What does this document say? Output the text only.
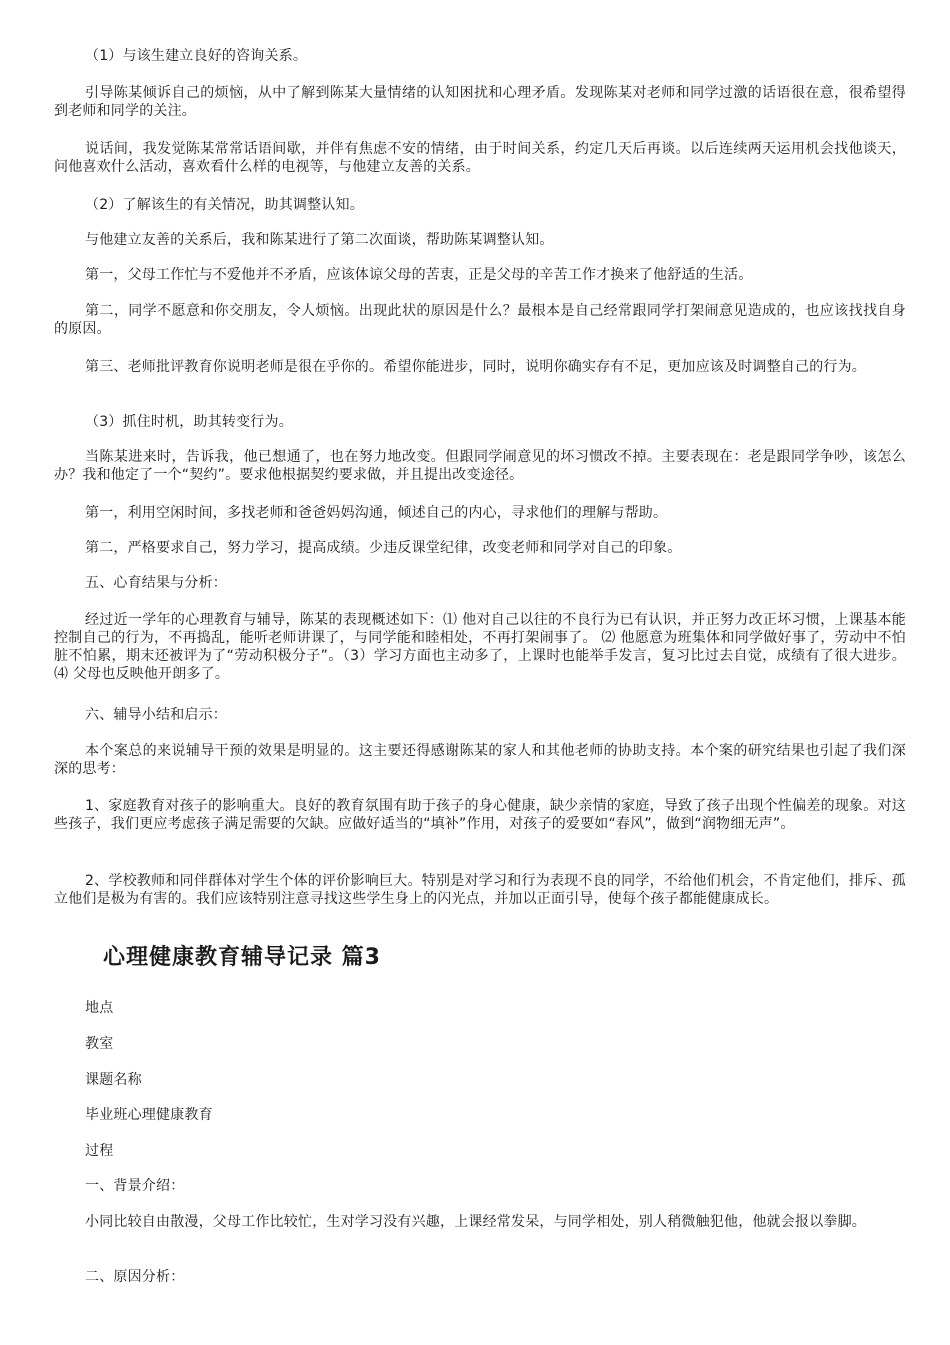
（1）与该生建立良好的咨询关系。

引导陈某倾诉自己的烦恼，从中了解到陈某大量情绪的认知困扰和心理矛盾。发现陈某对老师和同学过激的话语很在意，很希望得到老师和同学的关注。

说话间，我发觉陈某常常话语间歇，并伴有焦虑不安的情绪，由于时间关系，约定几天后再谈。以后连续两天运用机会找他谈天，问他喜欢什么活动，喜欢看什么样的电视等，与他建立友善的关系。

（2）了解该生的有关情况，助其调整认知。

与他建立友善的关系后，我和陈某进行了第二次面谈，帮助陈某调整认知。

第一，父母工作忙与不爱他并不矛盾，应该体谅父母的苦衷，正是父母的辛苦工作才换来了他舒适的生活。

第二，同学不愿意和你交朋友，令人烦恼。出现此状的原因是什么？最根本是自己经常跟同学打架闹意见造成的，也应该找找自身的原因。

第三、老师批评教育你说明老师是很在乎你的。希望你能进步，同时，说明你确实存有不足，更加应该及时调整自己的行为。

（3）抓住时机，助其转变行为。

当陈某进来时，告诉我，他已想通了，也在努力地改变。但跟同学闹意见的坏习惯改不掉。主要表现在：老是跟同学争吵，该怎么办？我和他定了一个“契约”。要求他根据契约要求做，并且提出改变途径。

第一，利用空闲时间，多找老师和爸爸妈妈沟通，倾述自己的内心，寻求他们的理解与帮助。

第二，严格要求自己，努力学习，提高成绩。少违反课堂纪律，改变老师和同学对自己的印象。

五、心育结果与分析：

经过近一学年的心理教育与辅导，陈某的表现概述如下：⑴ 他对自己以往的不良行为已有认识，并正努力改正坏习惯，上课基本能控制自己的行为，不再捣乱，能听老师讲课了，与同学能和睦相处，不再打架闹事了。 ⑵ 他愿意为班集体和同学做好事了，劳动中不怕脏不怕累，期末还被评为了“劳动积极分子”。（3）学习方面也主动多了，上课时也能举手发言，复习比过去自觉，成绩有了很大进步。 ⑷ 父母也反映他开朗多了。

六、辅导小结和启示：

本个案总的来说辅导干预的效果是明显的。这主要还得感谢陈某的家人和其他老师的协助支持。本个案的研究结果也引起了我们深深的思考：

1、家庭教育对孩子的影响重大。良好的教育氛围有助于孩子的身心健康，缺少亲情的家庭，导致了孩子出现个性偏差的现象。对这些孩子，我们更应考虑孩子满足需要的欠缺。应做好适当的“填补”作用，对孩子的爱要如“春风”，做到“润物细无声”。

2、学校教师和同伴群体对学生个体的评价影响巨大。特别是对学习和行为表现不良的同学，不给他们机会，不肯定他们，排斥、孤立他们是极为有害的。我们应该特别注意寻找这些学生身上的闪光点，并加以正面引导，使每个孩子都能健康成长。

心理健康教育辅导记录 篇3

地点

教室

课题名称

毕业班心理健康教育

过程

一、背景介绍：

小同比较自由散漫，父母工作比较忙，生对学习没有兴趣，上课经常发呆，与同学相处，别人稍微触犯他，他就会报以拳脚。

二、原因分析：
